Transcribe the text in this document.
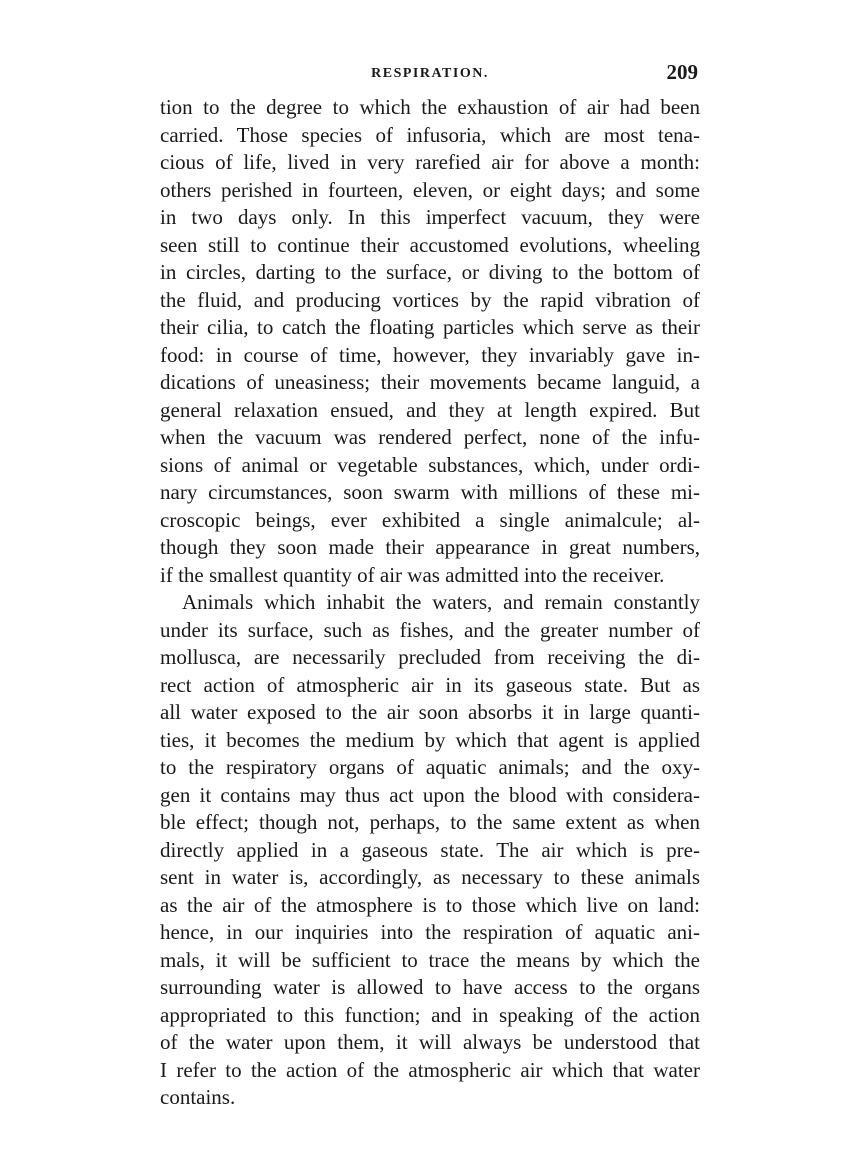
RESPIRATION.	209
tion to the degree to which the exhaustion of air had been
carried. Those species of infusoria, which are most tena-
cious of life, lived in very rarefied air for above a month:
others perished in fourteen, eleven, or eight days; and some
in two days only. In this imperfect vacuum, they were
seen still to continue their accustomed evolutions, wheeling
in circles, darting to the surface, or diving to the bottom of
the fluid, and producing vortices by the rapid vibration of
their cilia, to catch the floating particles which serve as their
food: in course of time, however, they invariably gave in-
dications of uneasiness; their movements became languid, a
general relaxation ensued, and they at length expired. But
when the vacuum was rendered perfect, none of the infu-
sions of animal or vegetable substances, which, under ordi-
nary circumstances, soon swarm with millions of these mi-
croscopic beings, ever exhibited a single animalcule; al-
though they soon made their appearance in great numbers,
if the smallest quantity of air was admitted into the receiver.
Animals which inhabit the waters, and remain constantly
under its surface, such as fishes, and the greater number of
mollusca, are necessarily precluded from receiving the di-
rect action of atmospheric air in its gaseous state. But as
all water exposed to the air soon absorbs it in large quanti-
ties, it becomes the medium by which that agent is applied
to the respiratory organs of aquatic animals; and the oxy-
gen it contains may thus act upon the blood with considera-
ble effect; though not, perhaps, to the same extent as when
directly applied in a gaseous state. The air which is pre-
sent in water is, accordingly, as necessary to these animals
as the air of the atmosphere is to those which live on land:
hence, in our inquiries into the respiration of aquatic ani-
mals, it will be sufficient to trace the means by which the
surrounding water is allowed to have access to the organs
appropriated to this function; and in speaking of the action
of the water upon them, it will always be understood that
I refer to the action of the atmospheric air which that water
contains.
